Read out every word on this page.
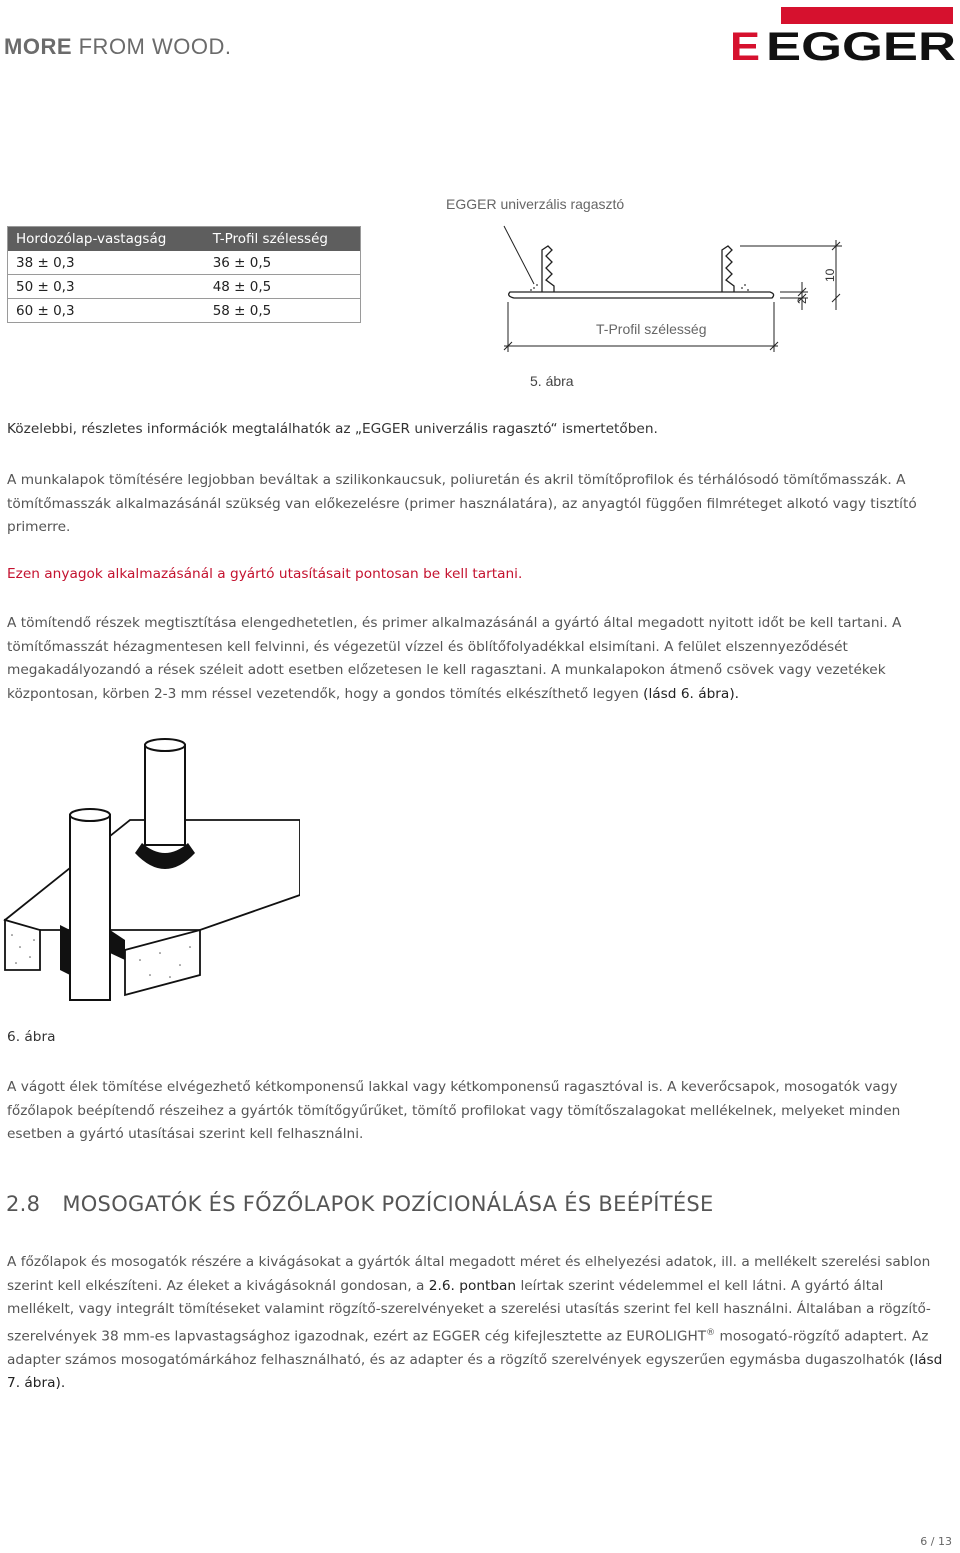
MORE FROM WOOD.	E EGGER
Hordozólap-vastagság	T-Profil szélesség
38 ± 0,3	36 ± 0,5
50 ± 0,3	48 ± 0,5
60 ± 0,3	58 ± 0,5
EGGER univerzális ragasztó
2
10
T-Profil szélesség
5. ábra
Közelebbi, részletes információk megtalálhatók az „EGGER univerzális ragasztó“ ismertetőben.
A munkalapok tömítésére legjobban beváltak a szilikonkaucsuk, poliuretán és akril tömítőprofilok és térhálósodó tömítőmasszák. A tömítőmasszák alkalmazásánál szükség van előkezelésre (primer használatára), az anyagtól függően filmréteget alkotó vagy tisztító primerre.
Ezen anyagok alkalmazásánál a gyártó utasításait pontosan be kell tartani.
A tömítendő részek megtisztítása elengedhetetlen, és primer alkalmazásánál a gyártó által megadott nyitott időt be kell tartani. A tömítőmasszát hézagmentesen kell felvinni, és végezetül vízzel és öblítőfolyadékkal elsimítani. A felület elszennyeződését megakadályozandó a rések széleit adott esetben előzetesen le kell ragasztani. A munkalapokon átmenő csövek vagy vezetékek központosan, körben 2-3 mm réssel vezetendők, hogy a gondos tömítés elkészíthető legyen (lásd 6. ábra).
6. ábra
A vágott élek tömítése elvégezhető kétkomponensű lakkal vagy kétkomponensű ragasztóval is. A keverőcsapok, mosogatók vagy főzőlapok beépítendő részeihez a gyártók tömítőgyűrűket, tömítő profilokat vagy tömítőszalagokat mellékelnek, melyeket minden esetben a gyártó utasításai szerint kell felhasználni.
2.8 MOSOGATÓK ÉS FŐZŐLAPOK POZÍCIONÁLÁSA ÉS BEÉPÍTÉSE
A főzőlapok és mosogatók részére a kivágásokat a gyártók által megadott méret és elhelyezési adatok, ill. a mellékelt szerelési sablon szerint kell elkészíteni. Az éleket a kivágásoknál gondosan, a 2.6. pontban leírtak szerint védelemmel el kell látni. A gyártó által mellékelt, vagy integrált tömítéseket valamint rögzítő-szerelvényeket a szerelési utasítás szerint fel kell használni. Általában a rögzítő-szerelvények 38 mm-es lapvastagsághoz igazodnak, ezért az EGGER cég kifejlesztette az EUROLIGHT® mosogató-rögzítő adaptert. Az adapter számos mosogatómárkához felhasználható, és az adapter és a rögzítő szerelvények egyszerűen egymásba dugaszolhatók (lásd 7. ábra).
6 / 13
